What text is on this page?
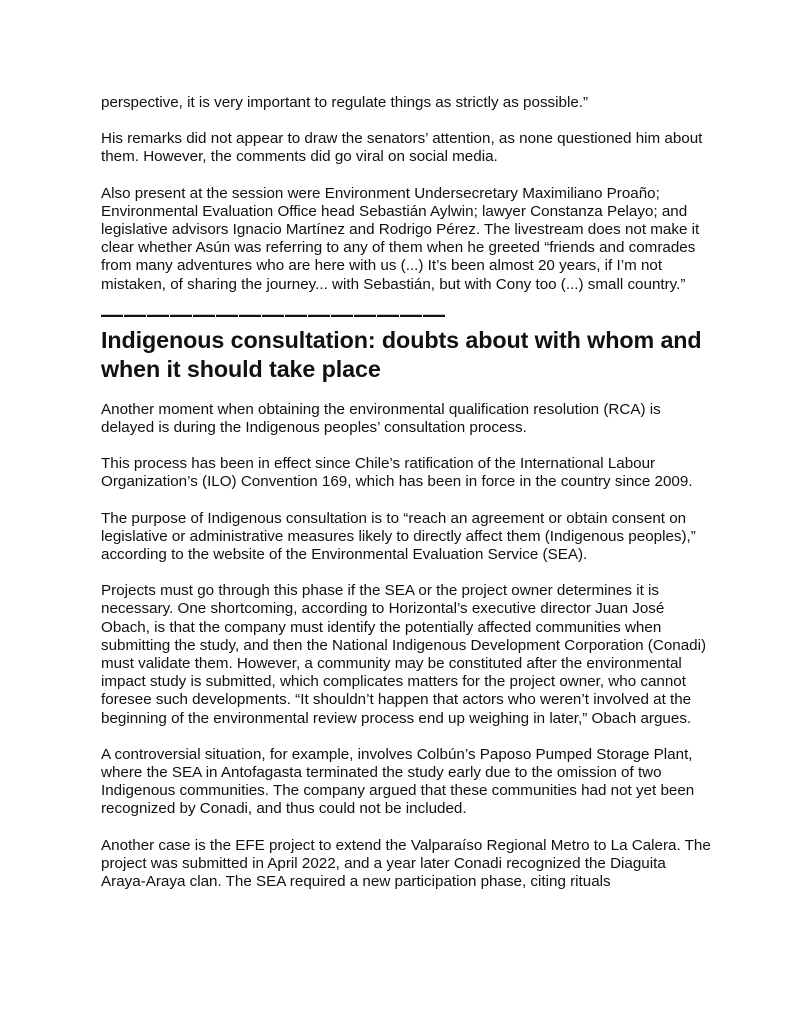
perspective, it is very important to regulate things as strictly as possible.”

His remarks did not appear to draw the senators’ attention, as none questioned him about them. However, the comments did go viral on social media.

Also present at the session were Environment Undersecretary Maximiliano Proaño; Environmental Evaluation Office head Sebastián Aylwin; lawyer Constanza Pelayo; and legislative advisors Ignacio Martínez and Rodrigo Pérez. The livestream does not make it clear whether Asún was referring to any of them when he greeted “friends and comrades from many adventures who are here with us (...) It’s been almost 20 years, if I’m not mistaken, of sharing the journey... with Sebastián, but with Cony too (...) small country.”

———————————————
Indigenous consultation: doubts about with whom and when it should take place

Another moment when obtaining the environmental qualification resolution (RCA) is delayed is during the Indigenous peoples’ consultation process.

This process has been in effect since Chile’s ratification of the International Labour Organization’s (ILO) Convention 169, which has been in force in the country since 2009.

The purpose of Indigenous consultation is to “reach an agreement or obtain consent on legislative or administrative measures likely to directly affect them (Indigenous peoples),” according to the website of the Environmental Evaluation Service (SEA).

Projects must go through this phase if the SEA or the project owner determines it is necessary. One shortcoming, according to Horizontal’s executive director Juan José Obach, is that the company must identify the potentially affected communities when submitting the study, and then the National Indigenous Development Corporation (Conadi) must validate them. However, a community may be constituted after the environmental impact study is submitted, which complicates matters for the project owner, who cannot foresee such developments. “It shouldn’t happen that actors who weren’t involved at the beginning of the environmental review process end up weighing in later,” Obach argues.

A controversial situation, for example, involves Colbún’s Paposo Pumped Storage Plant, where the SEA in Antofagasta terminated the study early due to the omission of two Indigenous communities. The company argued that these communities had not yet been recognized by Conadi, and thus could not be included.

Another case is the EFE project to extend the Valparaíso Regional Metro to La Calera. The project was submitted in April 2022, and a year later Conadi recognized the Diaguita Araya-Araya clan. The SEA required a new participation phase, citing rituals
